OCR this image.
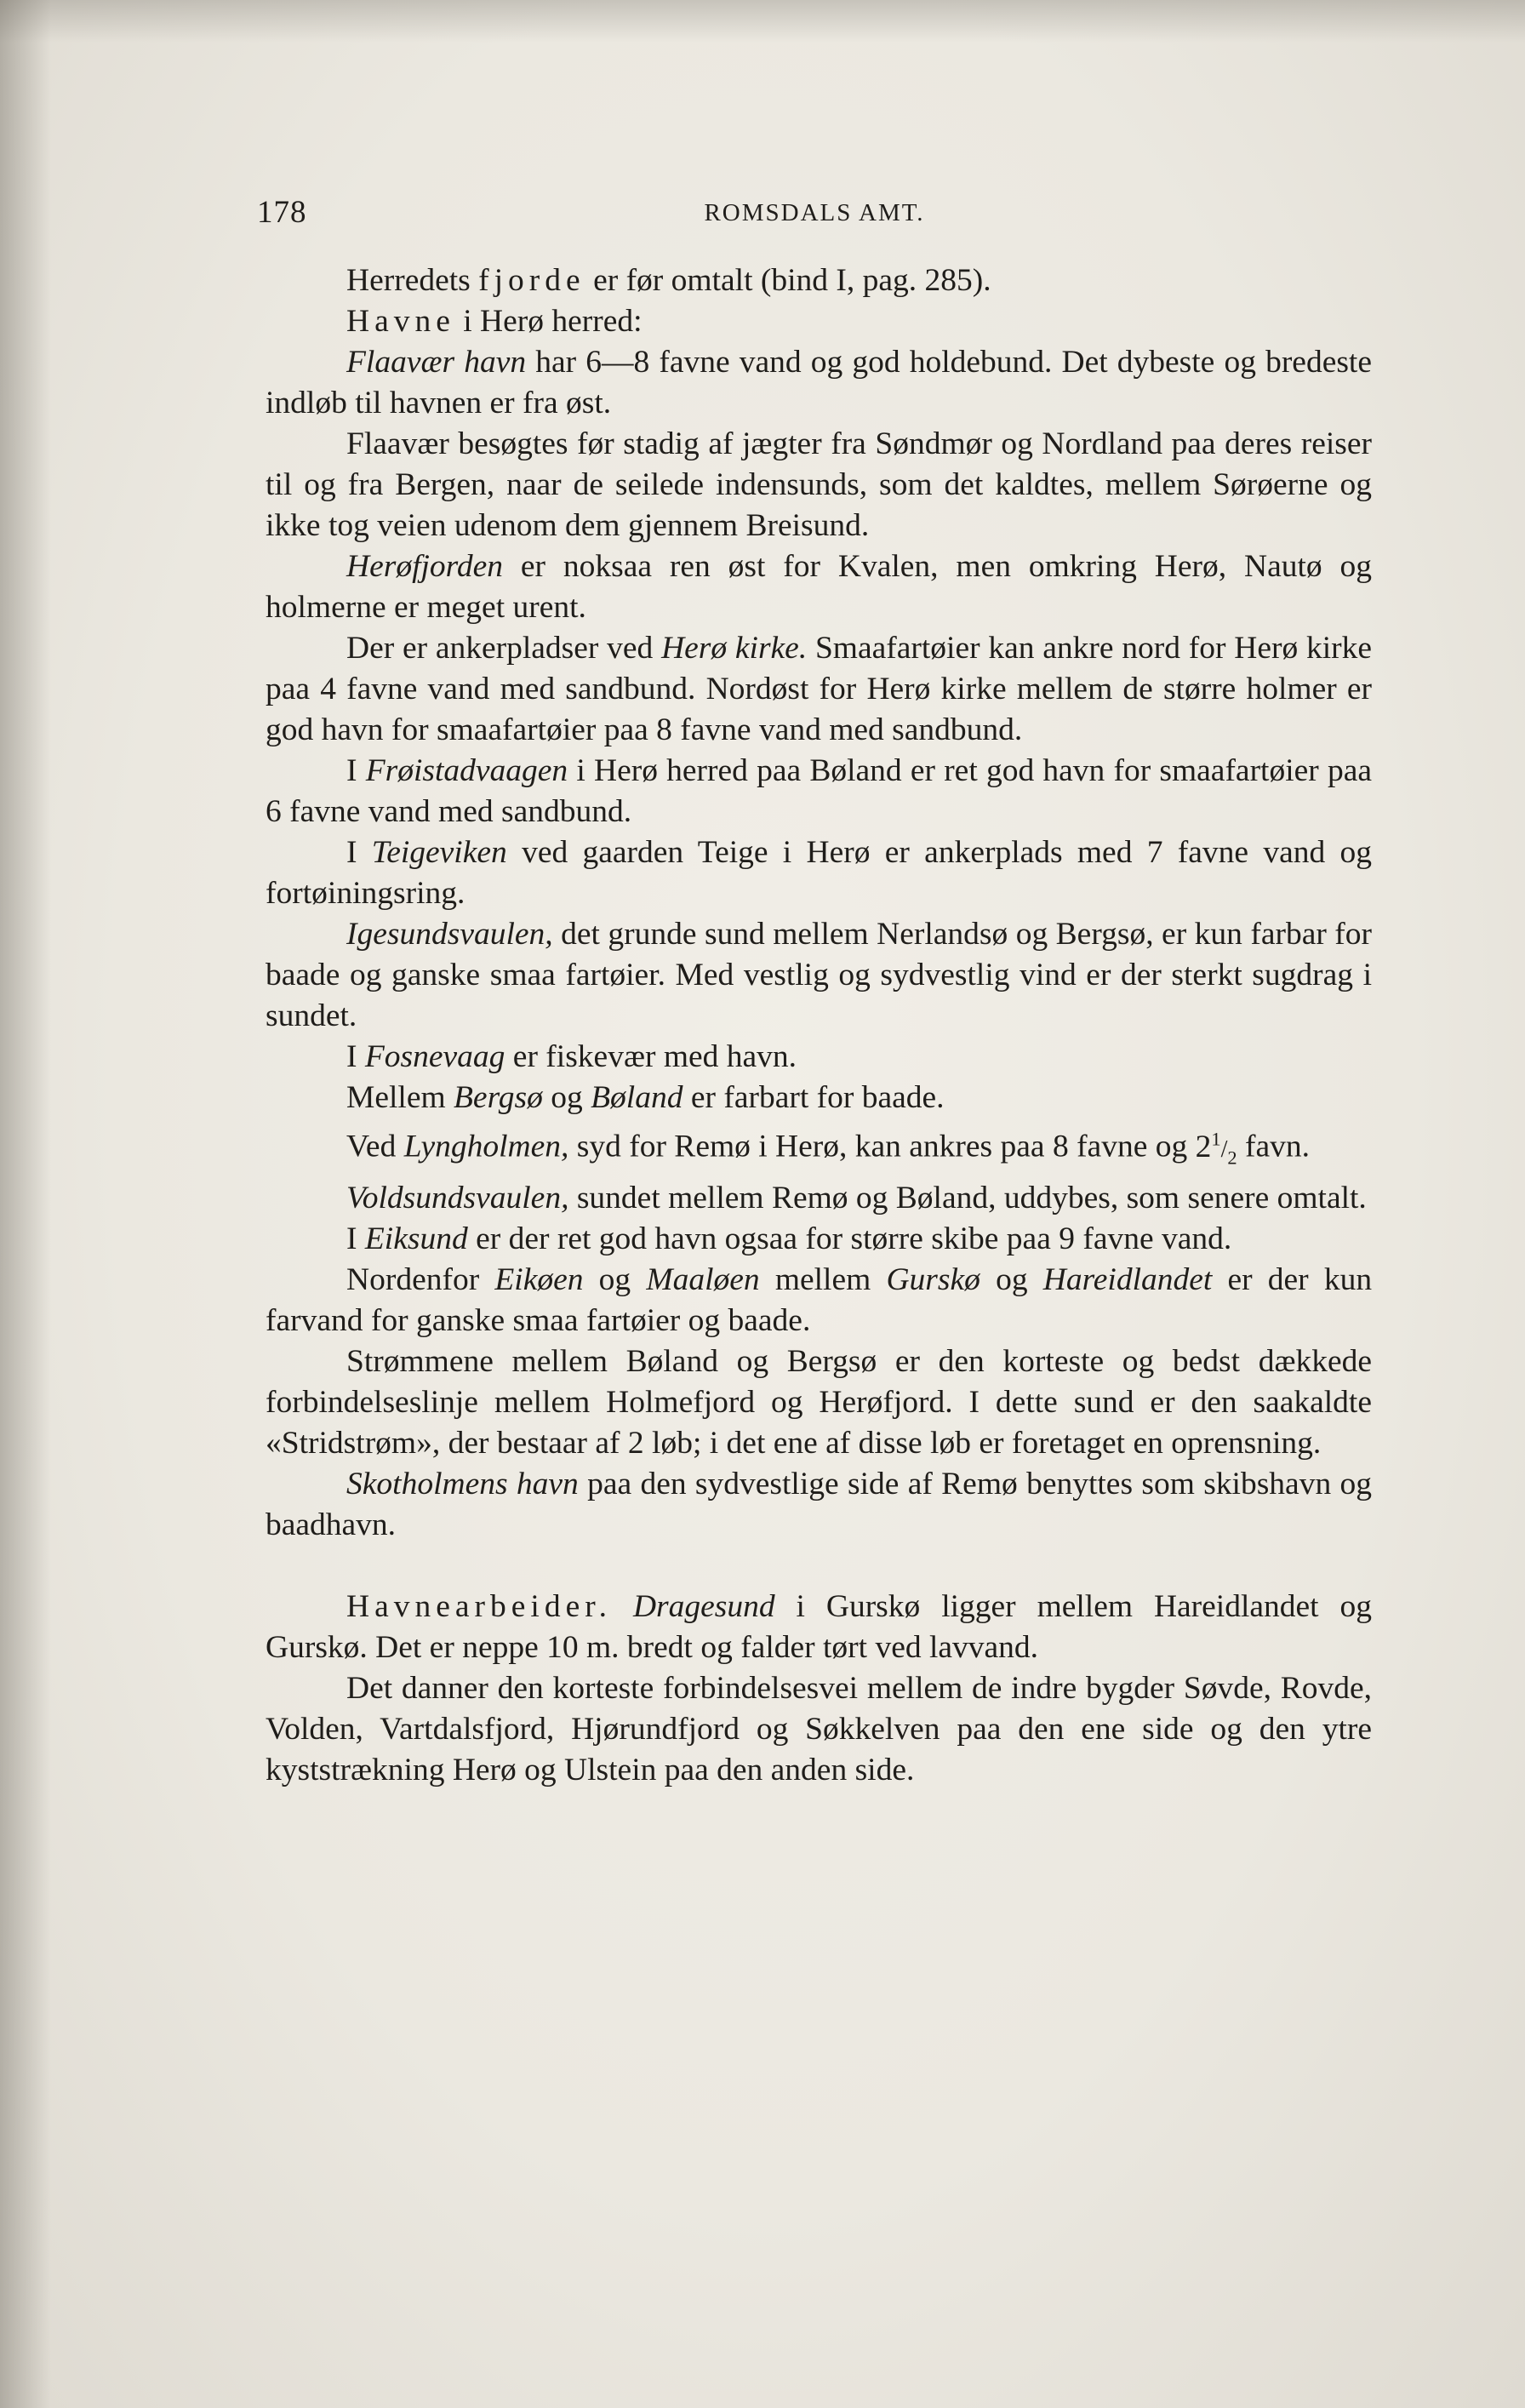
178	ROMSDALS AMT.

Herredets fjorde er før omtalt (bind I, pag. 285).

Havne i Herø herred:

Flaavær havn har 6—8 favne vand og god holdebund. Det dybeste og bredeste indløb til havnen er fra øst.

Flaavær besøgtes før stadig af jægter fra Søndmør og Nordland paa deres reiser til og fra Bergen, naar de seilede indensunds, som det kaldtes, mellem Sørøerne og ikke tog veien udenom dem gjennem Breisund.

Herøfjorden er noksaa ren øst for Kvalen, men omkring Herø, Nautø og holmerne er meget urent.

Der er ankerpladser ved Herø kirke. Smaafartøier kan ankre nord for Herø kirke paa 4 favne vand med sandbund. Nordøst for Herø kirke mellem de større holmer er god havn for smaafartøier paa 8 favne vand med sandbund.

I Frøistadvaagen i Herø herred paa Bøland er ret god havn for smaafartøier paa 6 favne vand med sandbund.

I Teigeviken ved gaarden Teige i Herø er ankerplads med 7 favne vand og fortøiningsring.

Igesundsvaulen, det grunde sund mellem Nerlandsø og Bergsø, er kun farbar for baade og ganske smaa fartøier. Med vestlig og sydvestlig vind er der sterkt sugdrag i sundet.

I Fosnevaag er fiskevær med havn.

Mellem Bergsø og Bøland er farbart for baade.

Ved Lyngholmen, syd for Remø i Herø, kan ankres paa 8 favne og $2^1/_2$ favn.

Voldsundsvaulen, sundet mellem Remø og Bøland, uddybes, som senere omtalt.

I Eiksund er der ret god havn ogsaa for større skibe paa 9 favne vand.

Nordenfor Eikøen og Maaløen mellem Gurskø og Hareidlandet er der kun farvand for ganske smaa fartøier og baade.

Strømmene mellem Bøland og Bergsø er den korteste og bedst dækkede forbindelseslinje mellem Holmefjord og Herøfjord. I dette sund er den saakaldte «Stridstrøm», der bestaar af 2 løb; i det ene af disse løb er foretaget en oprensning.

Skotholmens havn paa den sydvestlige side af Remø benyttes som skibshavn og baadhavn.

Havnearbeider. Dragesund i Gurskø ligger mellem Hareidlandet og Gurskø. Det er neppe 10 m. bredt og falder tørt ved lavvand.

Det danner den korteste forbindelsesvei mellem de indre bygder Søvde, Rovde, Volden, Vartdalsfjord, Hjørundfjord og Søkkelven paa den ene side og den ytre kyststrækning Herø og Ulstein paa den anden side.
